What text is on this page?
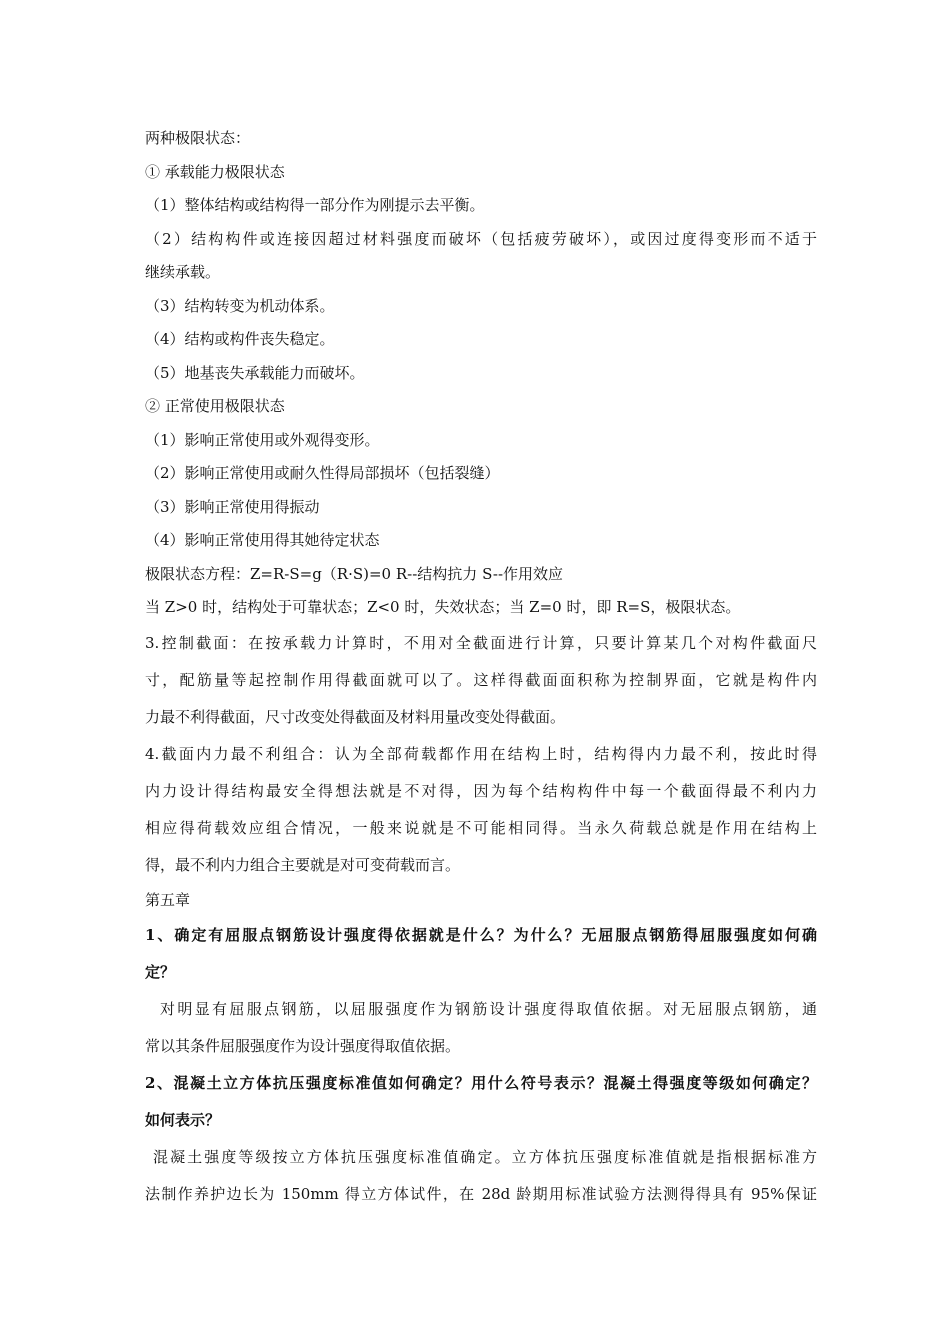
两种极限状态：
① 承载能力极限状态
（1）整体结构或结构得一部分作为刚提示去平衡。
（2）结构构件或连接因超过材料强度而破坏（包括疲劳破坏），或因过度得变形而不适于
继续承载。
（3）结构转变为机动体系。
（4）结构或构件丧失稳定。
（5）地基丧失承载能力而破坏。
② 正常使用极限状态
（1）影响正常使用或外观得变形。
（2）影响正常使用或耐久性得局部损坏（包括裂缝）
（3）影响正常使用得振动
（4）影响正常使用得其她待定状态
极限状态方程：Z=R-S=g（R·S)=0 R--结构抗力 S--作用效应
当 Z>0 时，结构处于可靠状态；Z<0 时，失效状态；当 Z=0 时，即 R=S，极限状态。
3.控制截面：在按承载力计算时，不用对全截面进行计算，只要计算某几个对构件截面尺
寸，配筋量等起控制作用得截面就可以了。这样得截面面积称为控制界面，它就是构件内
力最不利得截面，尺寸改变处得截面及材料用量改变处得截面。
4.截面内力最不利组合：认为全部荷载都作用在结构上时，结构得内力最不利，按此时得
内力设计得结构最安全得想法就是不对得，因为每个结构构件中每一个截面得最不利内力
相应得荷载效应组合情况，一般来说就是不可能相同得。当永久荷载总就是作用在结构上
得，最不利内力组合主要就是对可变荷载而言。
第五章
1、确定有屈服点钢筋设计强度得依据就是什么？为什么？无屈服点钢筋得屈服强度如何确
定？
对明显有屈服点钢筋，以屈服强度作为钢筋设计强度得取值依据。对无屈服点钢筋，通
常以其条件屈服强度作为设计强度得取值依据。
2、混凝土立方体抗压强度标准值如何确定？用什么符号表示？混凝土得强度等级如何确定？
如何表示？
混凝土强度等级按立方体抗压强度标准值确定。立方体抗压强度标准值就是指根据标准方
法制作养护边长为 150mm 得立方体试件，在 28d 龄期用标准试验方法测得得具有 95%保证
